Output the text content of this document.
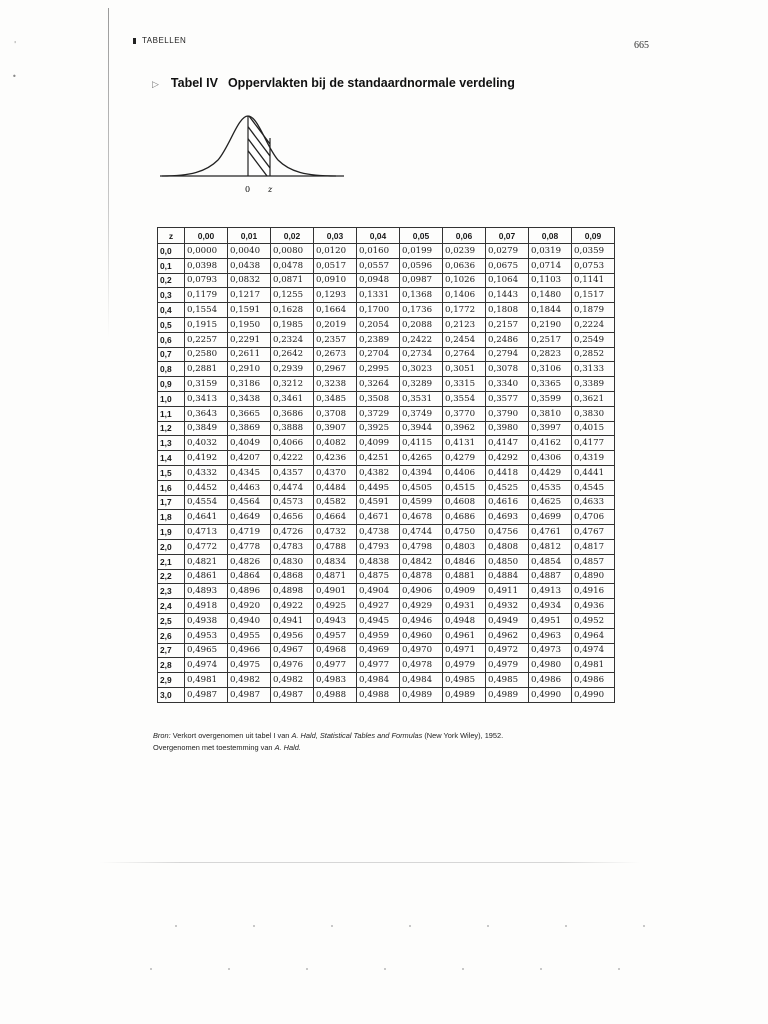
'
•
TABELLEN	665
▷ Tabel IV Oppervlakten bij de standaardnormale verdeling
0 z
z	0,00	0,01	0,02	0,03	0,04	0,05	0,06	0,07	0,08	0,09
0,0	0,0000	0,0040	0,0080	0,0120	0,0160	0,0199	0,0239	0,0279	0,0319	0,0359
0,1	0,0398	0,0438	0,0478	0,0517	0,0557	0,0596	0,0636	0,0675	0,0714	0,0753
0,2	0,0793	0,0832	0,0871	0,0910	0,0948	0,0987	0,1026	0,1064	0,1103	0,1141
0,3	0,1179	0,1217	0,1255	0,1293	0,1331	0,1368	0,1406	0,1443	0,1480	0,1517
0,4	0,1554	0,1591	0,1628	0,1664	0,1700	0,1736	0,1772	0,1808	0,1844	0,1879
0,5	0,1915	0,1950	0,1985	0,2019	0,2054	0,2088	0,2123	0,2157	0,2190	0,2224
0,6	0,2257	0,2291	0,2324	0,2357	0,2389	0,2422	0,2454	0,2486	0,2517	0,2549
0,7	0,2580	0,2611	0,2642	0,2673	0,2704	0,2734	0,2764	0,2794	0,2823	0,2852
0,8	0,2881	0,2910	0,2939	0,2967	0,2995	0,3023	0,3051	0,3078	0,3106	0,3133
0,9	0,3159	0,3186	0,3212	0,3238	0,3264	0,3289	0,3315	0,3340	0,3365	0,3389
1,0	0,3413	0,3438	0,3461	0,3485	0,3508	0,3531	0,3554	0,3577	0,3599	0,3621
1,1	0,3643	0,3665	0,3686	0,3708	0,3729	0,3749	0,3770	0,3790	0,3810	0,3830
1,2	0,3849	0,3869	0,3888	0,3907	0,3925	0,3944	0,3962	0,3980	0,3997	0,4015
1,3	0,4032	0,4049	0,4066	0,4082	0,4099	0,4115	0,4131	0,4147	0,4162	0,4177
1,4	0,4192	0,4207	0,4222	0,4236	0,4251	0,4265	0,4279	0,4292	0,4306	0,4319
1,5	0,4332	0,4345	0,4357	0,4370	0,4382	0,4394	0,4406	0,4418	0,4429	0,4441
1,6	0,4452	0,4463	0,4474	0,4484	0,4495	0,4505	0,4515	0,4525	0,4535	0,4545
1,7	0,4554	0,4564	0,4573	0,4582	0,4591	0,4599	0,4608	0,4616	0,4625	0,4633
1,8	0,4641	0,4649	0,4656	0,4664	0,4671	0,4678	0,4686	0,4693	0,4699	0,4706
1,9	0,4713	0,4719	0,4726	0,4732	0,4738	0,4744	0,4750	0,4756	0,4761	0,4767
2,0	0,4772	0,4778	0,4783	0,4788	0,4793	0,4798	0,4803	0,4808	0,4812	0,4817
2,1	0,4821	0,4826	0,4830	0,4834	0,4838	0,4842	0,4846	0,4850	0,4854	0,4857
2,2	0,4861	0,4864	0,4868	0,4871	0,4875	0,4878	0,4881	0,4884	0,4887	0,4890
2,3	0,4893	0,4896	0,4898	0,4901	0,4904	0,4906	0,4909	0,4911	0,4913	0,4916
2,4	0,4918	0,4920	0,4922	0,4925	0,4927	0,4929	0,4931	0,4932	0,4934	0,4936
2,5	0,4938	0,4940	0,4941	0,4943	0,4945	0,4946	0,4948	0,4949	0,4951	0,4952
2,6	0,4953	0,4955	0,4956	0,4957	0,4959	0,4960	0,4961	0,4962	0,4963	0,4964
2,7	0,4965	0,4966	0,4967	0,4968	0,4969	0,4970	0,4971	0,4972	0,4973	0,4974
2,8	0,4974	0,4975	0,4976	0,4977	0,4977	0,4978	0,4979	0,4979	0,4980	0,4981
2,9	0,4981	0,4982	0,4982	0,4983	0,4984	0,4984	0,4985	0,4985	0,4986	0,4986
3,0	0,4987	0,4987	0,4987	0,4988	0,4988	0,4989	0,4989	0,4989	0,4990	0,4990
Bron: Verkort overgenomen uit tabel I van A. Hald, Statistical Tables and Formulas (New York Wiley), 1952.
Overgenomen met toestemming van A. Hald.
